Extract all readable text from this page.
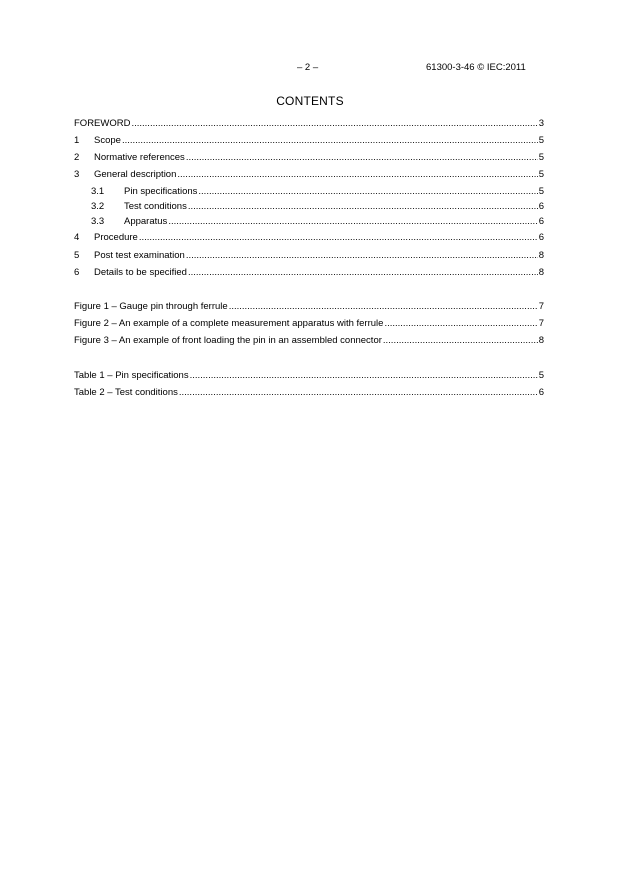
– 2 –	61300-3-46 © IEC:2011
CONTENTS
FOREWORD .....	3
1	Scope .....	5
2	Normative references .....	5
3	General description .....	5
3.1	Pin specifications .....	5
3.2	Test conditions .....	6
3.3	Apparatus .....	6
4	Procedure .....	6
5	Post test examination .....	8
6	Details to be specified .....	8
Figure 1 – Gauge pin through ferrule .....	7
Figure 2 – An example of a complete measurement apparatus with ferrule .....	7
Figure 3 – An example of front loading the pin in an assembled connector .....	8
Table 1 – Pin specifications .....	5
Table 2 – Test conditions .....	6
